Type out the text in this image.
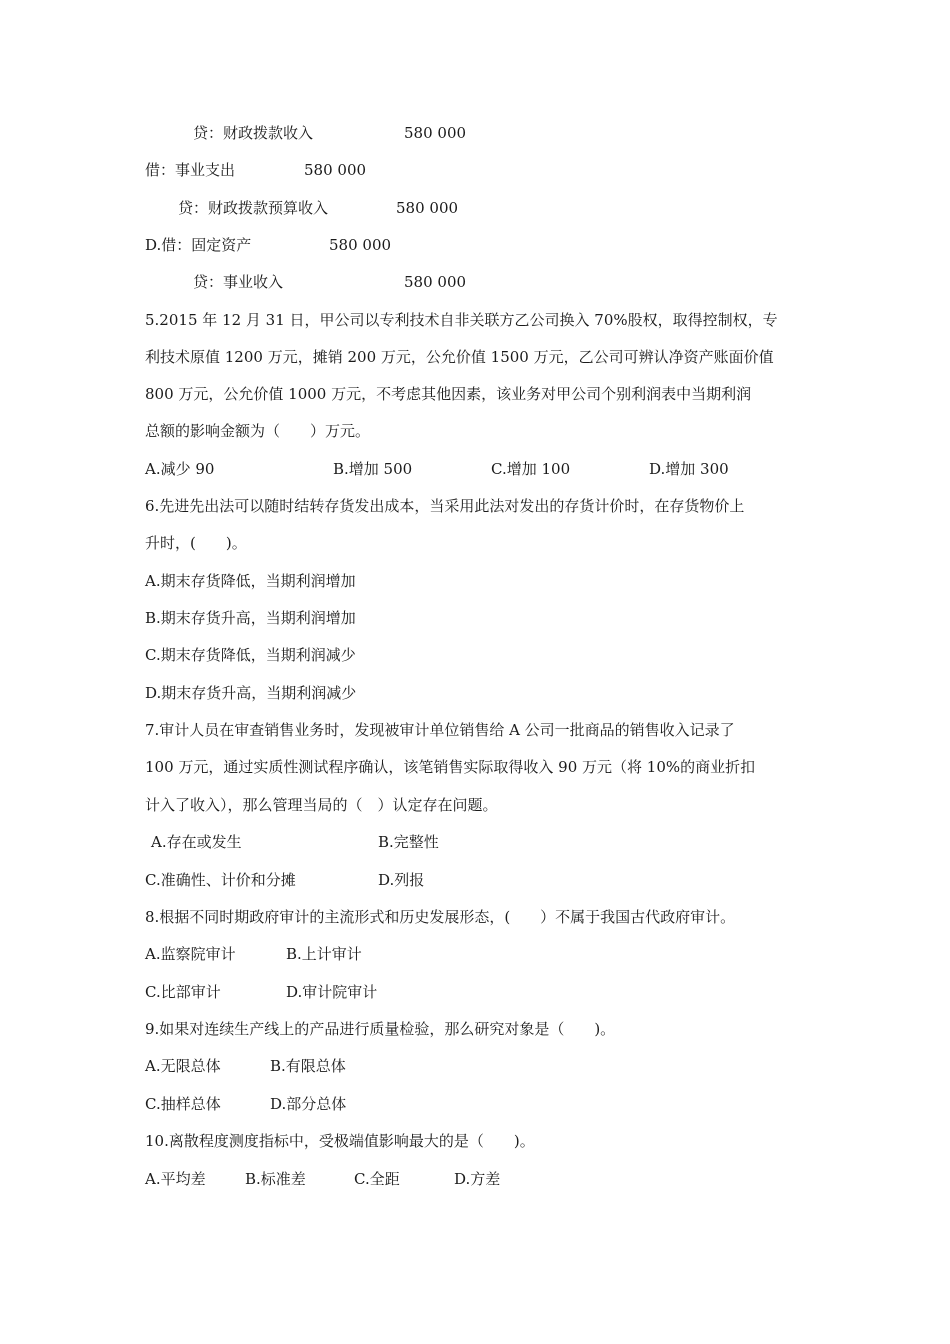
贷：财政拨款收入	580 000
借：事业支出	580 000
贷：财政拨款预算收入	580 000
D.借：固定资产	580 000
贷：事业收入	580 000
5.2015 年 12 月 31 日，甲公司以专利技术自非关联方乙公司换入 70%股权，取得控制权，专
利技术原值 1200 万元，摊销 200 万元，公允价值 1500 万元，乙公司可辨认净资产账面价值
800 万元，公允价值 1000 万元，不考虑其他因素，该业务对甲公司个别利润表中当期利润
总额的影响金额为（　　）万元。
A.减少 90	B.增加 500	C.增加 100	D.增加 300
6.先进先出法可以随时结转存货发出成本，当采用此法对发出的存货计价时，在存货物价上
升时，(　　)。
A.期末存货降低，当期利润增加
B.期末存货升高，当期利润增加
C.期末存货降低，当期利润减少
D.期末存货升高，当期利润减少
7.审计人员在审查销售业务时，发现被审计单位销售给 A 公司一批商品的销售收入记录了
100 万元，通过实质性测试程序确认，该笔销售实际取得收入 90 万元（将 10%的商业折扣
计入了收入），那么管理当局的（　）认定存在问题。
A.存在或发生	B.完整性
C.准确性、计价和分摊	D.列报
8.根据不同时期政府审计的主流形式和历史发展形态，(　　）不属于我国古代政府审计。
A.监察院审计	B.上计审计
C.比部审计	D.审计院审计
9.如果对连续生产线上的产品进行质量检验，那么研究对象是（　　)。
A.无限总体	B.有限总体
C.抽样总体	D.部分总体
10.离散程度测度指标中，受极端值影响最大的是（　　)。
A.平均差	B.标准差	C.全距	D.方差
